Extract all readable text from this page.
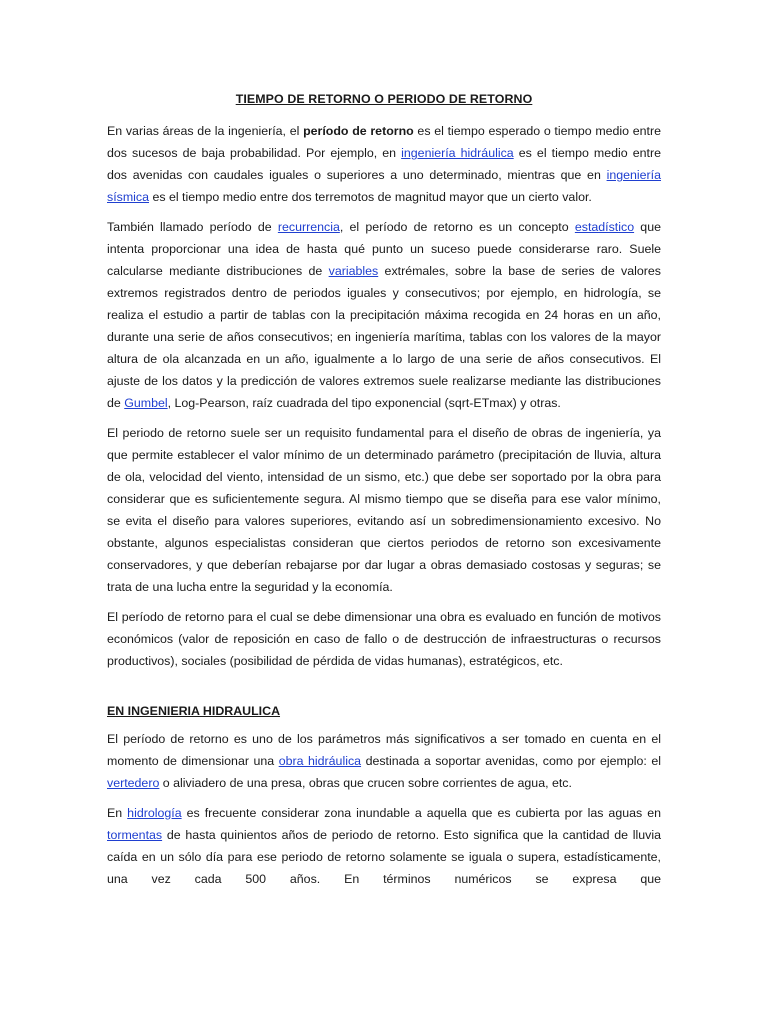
TIEMPO DE RETORNO O PERIODO DE RETORNO

En varias áreas de la ingeniería, el período de retorno es el tiempo esperado o tiempo medio entre dos sucesos de baja probabilidad. Por ejemplo, en ingeniería hidráulica es el tiempo medio entre dos avenidas con caudales iguales o superiores a uno determinado, mientras que en ingeniería sísmica es el tiempo medio entre dos terremotos de magnitud mayor que un cierto valor.

También llamado período de recurrencia, el período de retorno es un concepto estadístico que intenta proporcionar una idea de hasta qué punto un suceso puede considerarse raro. Suele calcularse mediante distribuciones de variables extrémales, sobre la base de series de valores extremos registrados dentro de periodos iguales y consecutivos; por ejemplo, en hidrología, se realiza el estudio a partir de tablas con la precipitación máxima recogida en 24 horas en un año, durante una serie de años consecutivos; en ingeniería marítima, tablas con los valores de la mayor altura de ola alcanzada en un año, igualmente a lo largo de una serie de años consecutivos. El ajuste de los datos y la predicción de valores extremos suele realizarse mediante las distribuciones de Gumbel, Log-Pearson, raíz cuadrada del tipo exponencial (sqrt-ETmax) y otras.

El periodo de retorno suele ser un requisito fundamental para el diseño de obras de ingeniería, ya que permite establecer el valor mínimo de un determinado parámetro (precipitación de lluvia, altura de ola, velocidad del viento, intensidad de un sismo, etc.) que debe ser soportado por la obra para considerar que es suficientemente segura. Al mismo tiempo que se diseña para ese valor mínimo, se evita el diseño para valores superiores, evitando así un sobredimensionamiento excesivo. No obstante, algunos especialistas consideran que ciertos periodos de retorno son excesivamente conservadores, y que deberían rebajarse por dar lugar a obras demasiado costosas y seguras; se trata de una lucha entre la seguridad y la economía.

El período de retorno para el cual se debe dimensionar una obra es evaluado en función de motivos económicos (valor de reposición en caso de fallo o de destrucción de infraestructuras o recursos productivos), sociales (posibilidad de pérdida de vidas humanas), estratégicos, etc.

EN INGENIERIA HIDRAULICA

El período de retorno es uno de los parámetros más significativos a ser tomado en cuenta en el momento de dimensionar una obra hidráulica destinada a soportar avenidas, como por ejemplo: el vertedero o aliviadero de una presa, obras que crucen sobre corrientes de agua, etc.

En hidrología es frecuente considerar zona inundable a aquella que es cubierta por las aguas en tormentas de hasta quinientos años de periodo de retorno. Esto significa que la cantidad de lluvia caída en un sólo día para ese periodo de retorno solamente se iguala o supera, estadísticamente, una vez cada 500 años. En términos numéricos se expresa que
